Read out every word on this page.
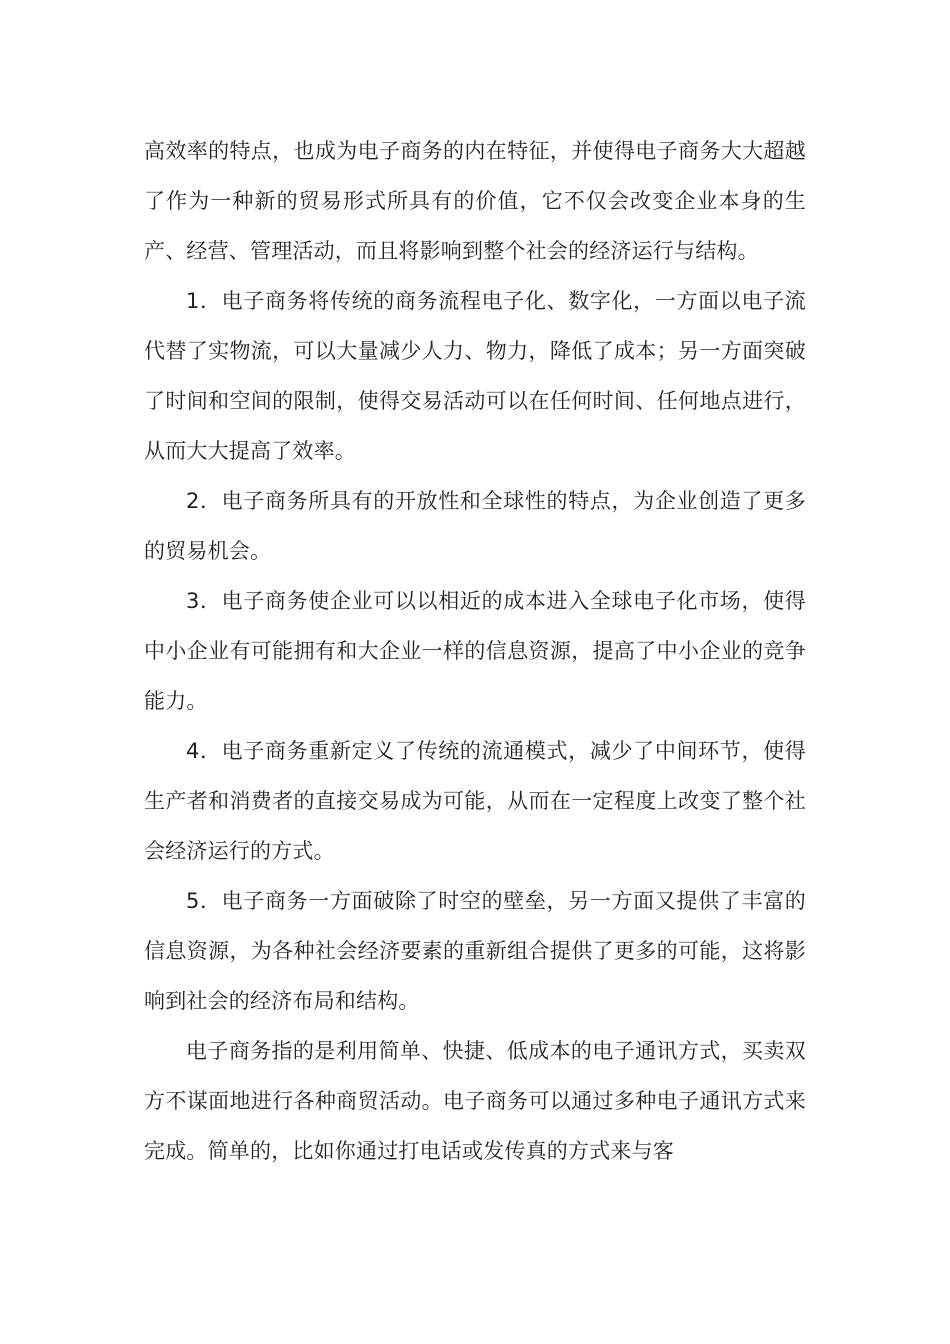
高效率的特点，也成为电子商务的内在特征，并使得电子商务大大超越了作为一种新的贸易形式所具有的价值，它不仅会改变企业本身的生产、经营、管理活动，而且将影响到整个社会的经济运行与结构。

1．电子商务将传统的商务流程电子化、数字化，一方面以电子流代替了实物流，可以大量减少人力、物力，降低了成本；另一方面突破了时间和空间的限制，使得交易活动可以在任何时间、任何地点进行，从而大大提高了效率。

2．电子商务所具有的开放性和全球性的特点，为企业创造了更多的贸易机会。

3．电子商务使企业可以以相近的成本进入全球电子化市场，使得中小企业有可能拥有和大企业一样的信息资源，提高了中小企业的竞争能力。

4．电子商务重新定义了传统的流通模式，减少了中间环节，使得生产者和消费者的直接交易成为可能，从而在一定程度上改变了整个社会经济运行的方式。

5．电子商务一方面破除了时空的壁垒，另一方面又提供了丰富的信息资源，为各种社会经济要素的重新组合提供了更多的可能，这将影响到社会的经济布局和结构。

电子商务指的是利用简单、快捷、低成本的电子通讯方式，买卖双方不谋面地进行各种商贸活动。电子商务可以通过多种电子通讯方式来完成。简单的，比如你通过打电话或发传真的方式来与客
